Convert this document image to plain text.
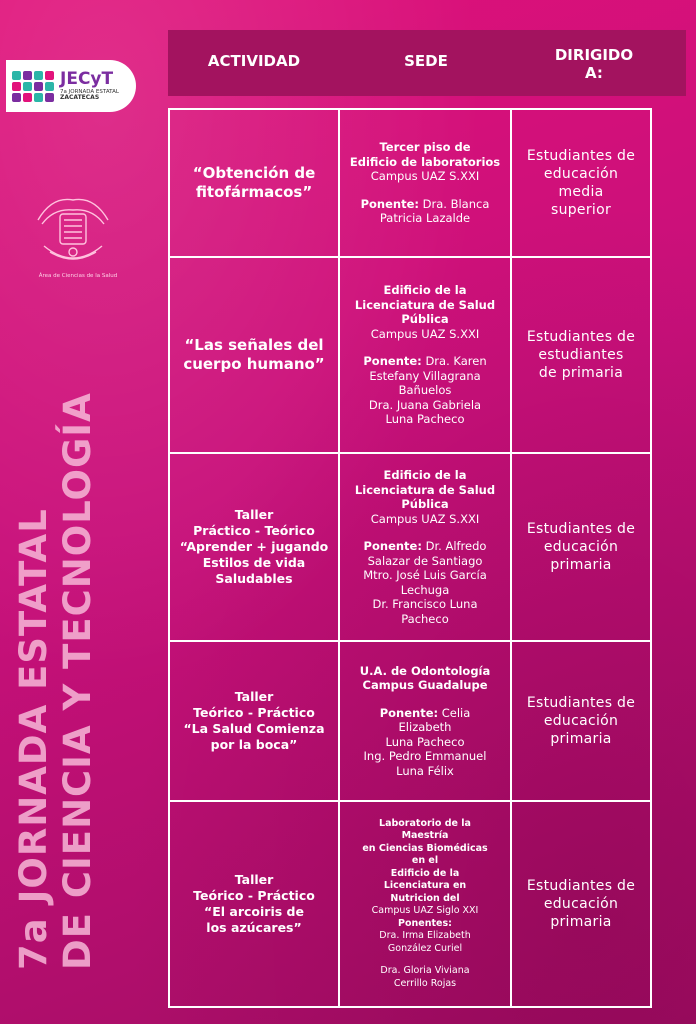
JECyT
7a JORNADA ESTATAL
ZACATECAS
Área de Ciencias de la Salud
7a JORNADA ESTATAL DE CIENCIA Y TECNOLOGÍA
ACTIVIDAD	SEDE	DIRIGIDO
A:
“Obtención de
fitofármacos”
Tercer piso de
Edificio de laboratorios
Campus UAZ S.XXI
Ponente: Dra. Blanca
Patricia Lazalde
Estudiantes de
educación
media
superior
“Las señales del
cuerpo humano”
Edificio de la
Licenciatura de Salud
Pública
Campus UAZ S.XXI
Ponente: Dra. Karen
Estefany Villagrana
Bañuelos
Dra. Juana Gabriela
Luna Pacheco
Estudiantes de
estudiantes
de primaria
Taller
Práctico - Teórico
“Aprender + jugando
Estilos de vida
Saludables
Edificio de la
Licenciatura de Salud
Pública
Campus UAZ S.XXI
Ponente: Dr. Alfredo
Salazar de Santiago
Mtro. José Luis García
Lechuga
Dr. Francisco Luna
Pacheco
Estudiantes de
educación
primaria
Taller
Teórico - Práctico
“La Salud Comienza
por la boca”
U.A. de Odontología
Campus Guadalupe
Ponente: Celia
Elizabeth
Luna Pacheco
Ing. Pedro Emmanuel
Luna Félix
Estudiantes de
educación
primaria
Taller
Teórico - Práctico
“El arcoiris de
los azúcares”
Laboratorio de la
Maestría
en Ciencias Biomédicas
en el
Edificio de la
Licenciatura en
Nutricion del
Campus UAZ Siglo XXI
Ponentes:
Dra. Irma Elizabeth
González Curiel
Dra. Gloria Viviana
Cerrillo Rojas
Estudiantes de
educación
primaria
